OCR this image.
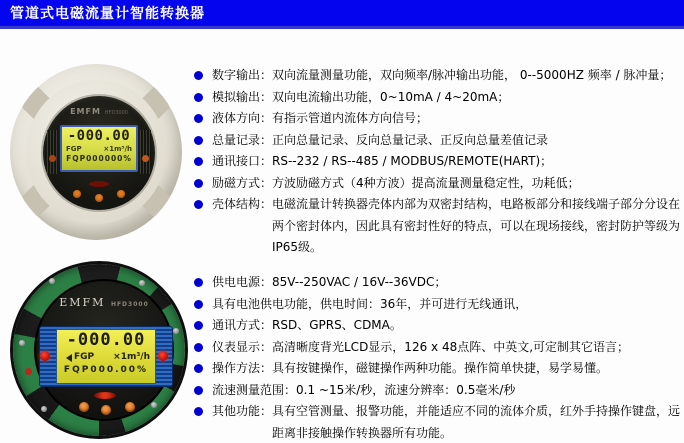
管道式电磁流量计智能转换器
EMFM HFD3000
-000.00
FGP	×1m³/h
FQP000000%
EMFM HFD3000
-000.00
FGP ×1m³/h
FQP000.00%
数字输出：双向流量测量功能，双向频率/脉冲输出功能， 0--5000HZ 频率 / 脉冲量；
模拟输出：双向电流输出功能，0~10mA / 4~20mA；
液体方向：有指示管道内流体方向信号；
总量记录：正向总量记录、反向总量记录、正反向总量差值记录
通讯接口：RS--232 / RS--485 / MODBUS/REMOTE(HART)；
励磁方式：方波励磁方式（4种方波）提高流量测量稳定性，功耗低；
壳体结构：电磁流量计转换器壳体内部为双密封结构，电路板部分和接线端子部分分设在两个密封体内，因此具有密封性好的特点，可以在现场接线，密封防护等级为IP65级。
供电电源：85V--250VAC / 16V--36VDC；
具有电池供电功能，供电时间：36年，并可进行无线通讯，
通讯方式：RSD、GPRS、CDMA。
仪表显示：高清晰度背光LCD显示，126 x 48点阵、中英文,可定制其它语言；
操作方法：具有按键操作，磁键操作两种功能。操作简单快捷，易学易懂。
流速测量范围：0.1 ~15米/秒，流速分辨率：0.5毫米/秒
其他功能：具有空管测量、报警功能，并能适应不同的流体介质，红外手持操作键盘，远距离非接触操作转换器所有功能。
